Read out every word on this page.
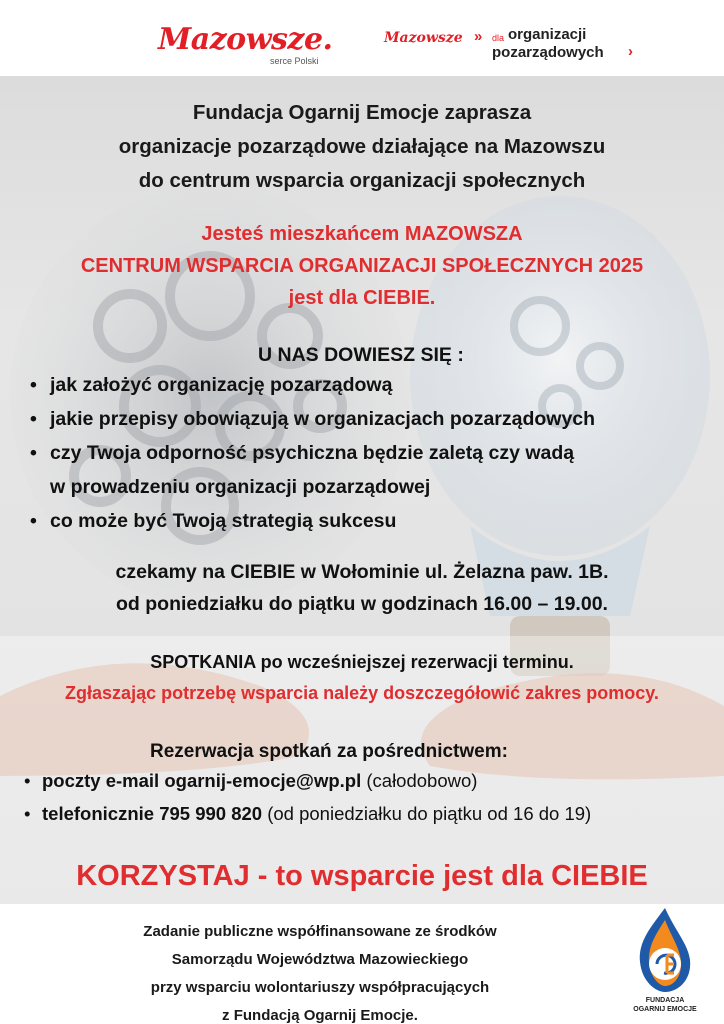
Mazowsze.
serce Polski
Mazowsze » dla organizacji
pozarządowych ›
Fundacja Ogarnij Emocje zaprasza
organizacje pozarządowe działające na Mazowszu
do centrum wsparcia organizacji społecznych
Jesteś mieszkańcem MAZOWSZA
CENTRUM WSPARCIA ORGANIZACJI SPOŁECZNYCH 2025
jest dla CIEBIE.
U NAS DOWIESZ SIĘ :
• jak założyć organizację pozarządową
• jakie przepisy obowiązują w organizacjach pozarządowych
• czy Twoja odporność psychiczna będzie zaletą czy wadą
w prowadzeniu organizacji pozarządowej
• co może być Twoją strategią sukcesu
czekamy na CIEBIE w Wołominie ul. Żelazna paw. 1B.
od poniedziałku do piątku w godzinach 16.00 – 19.00.
SPOTKANIA po wcześniejszej rezerwacji terminu.
Zgłaszając potrzebę wsparcia należy doszczegółowić zakres pomocy.
Rezerwacja spotkań za pośrednictwem:
• poczty e-mail ogarnij-emocje@wp.pl (całodobowo)
• telefonicznie 795 990 820 (od poniedziałku do piątku od 16 do 19)
KORZYSTAJ - to wsparcie jest dla CIEBIE
Zadanie publiczne współfinansowane ze środków
Samorządu Województwa Mazowieckiego
przy wsparciu wolontariuszy współpracujących
z Fundacją Ogarnij Emocje.
FUNDACJA
OGARNIJ EMOCJE
